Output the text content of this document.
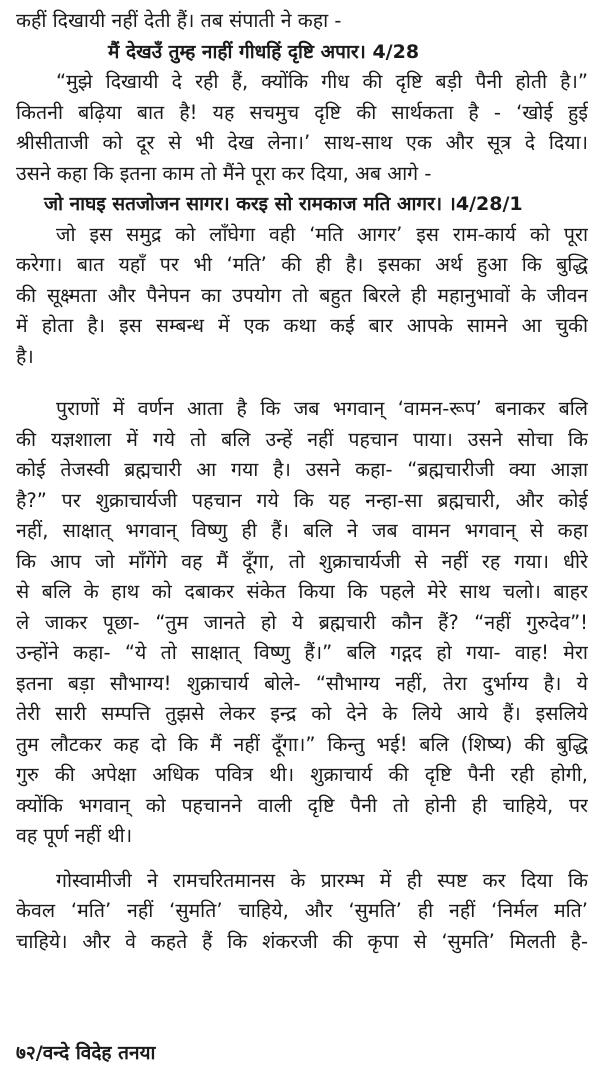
कहीं दिखायी नहीं देती हैं। तब संपाती ने कहा -
मैं देखउँ तुम्ह नाहीं गीधहिं दृष्टि अपार। 4/28
“मुझे दिखायी दे रही हैं, क्योंकि गीध की दृष्टि बड़ी पैनी होती है।”
कितनी बढ़िया बात है! यह सचमुच दृष्टि की सार्थकता है - ‘खोई हुई
श्रीसीताजी को दूर से भी देख लेना।’ साथ-साथ एक और सूत्र दे दिया।
उसने कहा कि इतना काम तो मैंने पूरा कर दिया, अब आगे -
जो नाघइ सतजोजन सागर। करइ सो रामकाज मति आगर। ।4/28/1
जो इस समुद्र को लाँघेगा वही ‘मति आगर’ इस राम-कार्य को पूरा
करेगा। बात यहाँ पर भी ‘मति’ की ही है। इसका अर्थ हुआ कि बुद्धि
की सूक्ष्मता और पैनेपन का उपयोग तो बहुत बिरले ही महानुभावों के जीवन
में होता है। इस सम्बन्ध में एक कथा कई बार आपके सामने आ चुकी
है।
पुराणों में वर्णन आता है कि जब भगवान् ‘वामन-रूप’ बनाकर बलि
की यज्ञशाला में गये तो बलि उन्हें नहीं पहचान पाया। उसने सोचा कि
कोई तेजस्वी ब्रह्मचारी आ गया है। उसने कहा- “ब्रह्मचारीजी क्या आज्ञा
है?” पर शुक्राचार्यजी पहचान गये कि यह नन्हा-सा ब्रह्मचारी, और कोई
नहीं, साक्षात् भगवान् विष्णु ही हैं। बलि ने जब वामन भगवान् से कहा
कि आप जो माँगेंगे वह मैं दूँगा, तो शुक्राचार्यजी से नहीं रह गया। धीरे
से बलि के हाथ को दबाकर संकेत किया कि पहले मेरे साथ चलो। बाहर
ले जाकर पूछा- “तुम जानते हो ये ब्रह्मचारी कौन हैं? “नहीं गुरुदेव”!
उन्होंने कहा- “ये तो साक्षात् विष्णु हैं।” बलि गद्गद हो गया- वाह! मेरा
इतना बड़ा सौभाग्य! शुक्राचार्य बोले- “सौभाग्य नहीं, तेरा दुर्भाग्य है। ये
तेरी सारी सम्पत्ति तुझसे लेकर इन्द्र को देने के लिये आये हैं। इसलिये
तुम लौटकर कह दो कि मैं नहीं दूँगा।” किन्तु भई! बलि (शिष्य) की बुद्धि
गुरु की अपेक्षा अधिक पवित्र थी। शुक्राचार्य की दृष्टि पैनी रही होगी,
क्योंकि भगवान् को पहचानने वाली दृष्टि पैनी तो होनी ही चाहिये, पर
वह पूर्ण नहीं थी।
गोस्वामीजी ने रामचरितमानस के प्रारम्भ में ही स्पष्ट कर दिया कि
केवल ‘मति’ नहीं ‘सुमति’ चाहिये, और ‘सुमति’ ही नहीं ‘निर्मल मति’
चाहिये। और वे कहते हैं कि शंकरजी की कृपा से ‘सुमति’ मिलती है-
७२/वन्दे विदेह तनया
